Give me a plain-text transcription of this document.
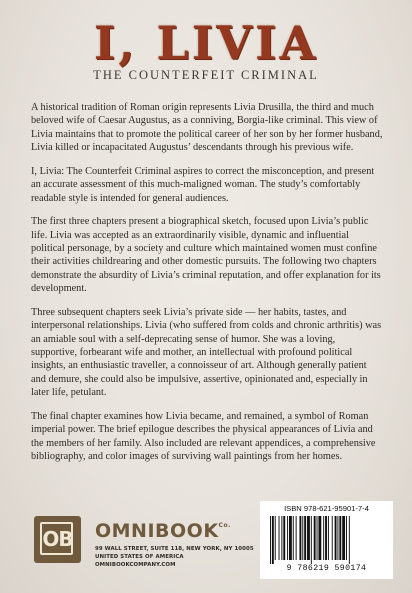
I, LIVIA
THE COUNTERFEIT CRIMINAL

A historical tradition of Roman origin represents Livia Drusilla, the third and much beloved wife of Caesar Augustus, as a conniving, Borgia-like criminal. This view of Livia maintains that to promote the political career of her son by her former husband, Livia killed or incapacitated Augustus’ descendants through his previous wife.

I, Livia: The Counterfeit Criminal aspires to correct the misconception, and present an accurate assessment of this much-maligned woman. The study’s comfortably readable style is intended for general audiences.

The first three chapters present a biographical sketch, focused upon Livia’s public life. Livia was accepted as an extraordinarily visible, dynamic and influential political personage, by a society and culture which maintained women must confine their activities childrearing and other domestic pursuits. The following two chapters demonstrate the absurdity of Livia’s criminal reputation, and offer explanation for its development.

Three subsequent chapters seek Livia’s private side — her habits, tastes, and interpersonal relationships. Livia (who suffered from colds and chronic arthritis) was an amiable soul with a self-deprecating sense of humor. She was a loving, supportive, forbearant wife and mother, an intellectual with profound political insights, an enthusiastic traveller, a connoisseur of art. Although generally patient and demure, she could also be impulsive, assertive, opinionated and, especially in later life, petulant.

The final chapter examines how Livia became, and remained, a symbol of Roman imperial power. The brief epilogue describes the physical appearances of Livia and the members of her family. Also included are relevant appendices, a comprehensive bibliography, and color images of surviving wall paintings from her homes.

OB	$OMNIBOOK^{Co.}$
99 WALL STREET, SUITE 118, NEW YORK, NY 10005
UNITED STATES OF AMERICA
OMNIBOOKCOMPANY.COM
ISBN 978-621-95901-7-4
9 786219 590174
